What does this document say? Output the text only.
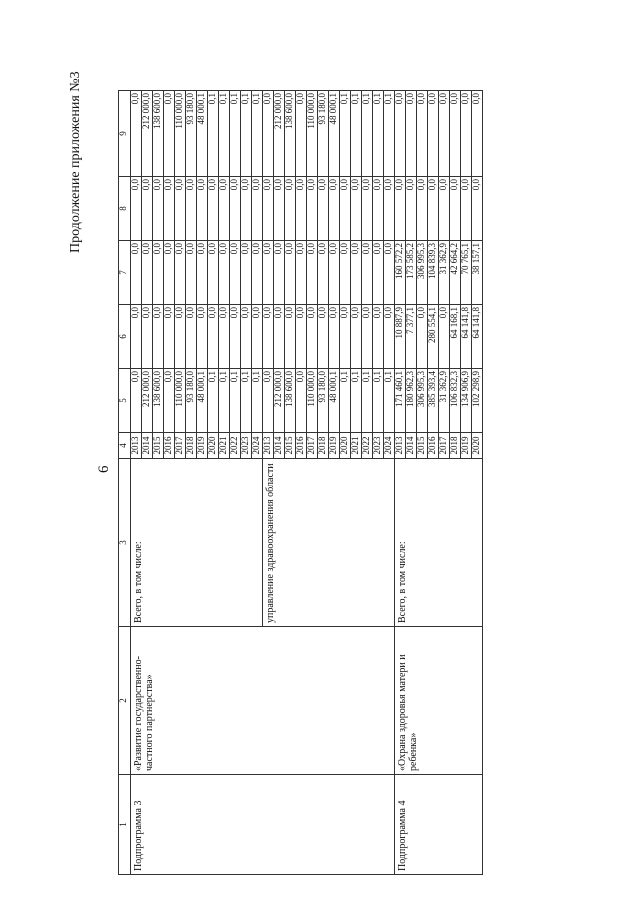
6
Продолжение приложения №3
1	2	3	4	5	6	7	8	9
Подпрограмма 3	«Развитие государственно-частного партнерства»	Всего, в том числе:	2013	0,0	0,0	0,0	0,0	0,0
			2014	212 000,0	0,0	0,0	0,0	212 000,0
			2015	138 600,0	0,0	0,0	0,0	138 600,0
			2016	0,0	0,0	0,0	0,0	0,0
			2017	110 000,0	0,0	0,0	0,0	110 000,0
			2018	93 180,0	0,0	0,0	0,0	93 180,0
			2019	48 000,1	0,0	0,0	0,0	48 000,1
			2020	0,1	0,0	0,0	0,0	0,1
			2021	0,1	0,0	0,0	0,0	0,1
			2022	0,1	0,0	0,0	0,0	0,1
			2023	0,1	0,0	0,0	0,0	0,1
			2024	0,1	0,0	0,0	0,0	0,1
		управление здравоохранения области	2013	0,0	0,0	0,0	0,0	0,0
			2014	212 000,0	0,0	0,0	0,0	212 000,0
			2015	138 600,0	0,0	0,0	0,0	138 600,0
			2016	0,0	0,0	0,0	0,0	0,0
			2017	110 000,0	0,0	0,0	0,0	110 000,0
			2018	93 180,0	0,0	0,0	0,0	93 180,0
			2019	48 000,1	0,0	0,0	0,0	48 000,1
			2020	0,1	0,0	0,0	0,0	0,1
			2021	0,1	0,0	0,0	0,0	0,1
			2022	0,1	0,0	0,0	0,0	0,1
			2023	0,1	0,0	0,0	0,0	0,1
			2024	0,1	0,0	0,0	0,0	0,1
Подпрограмма 4	«Охрана здоровья матери и ребенка»	Всего, в том числе:	2013	171 460,1	10 887,9	160 572,2	0,0	0,0
			2014	180 962,3	7 377,1	173 585,2	0,0	0,0
			2015	306 995,3	0,0	306 995,3	0,0	0,0
			2016	385 393,4	280 554,1	104 839,3	0,0	0,0
			2017	31 362,9	0,0	31 362,9	0,0	0,0
			2018	106 832,3	64 168,1	42 664,2	0,0	0,0
			2019	134 906,9	64 141,8	70 765,1	0,0	0,0
			2020	102 298,9	64 141,8	38 157,1	0,0	0,0
